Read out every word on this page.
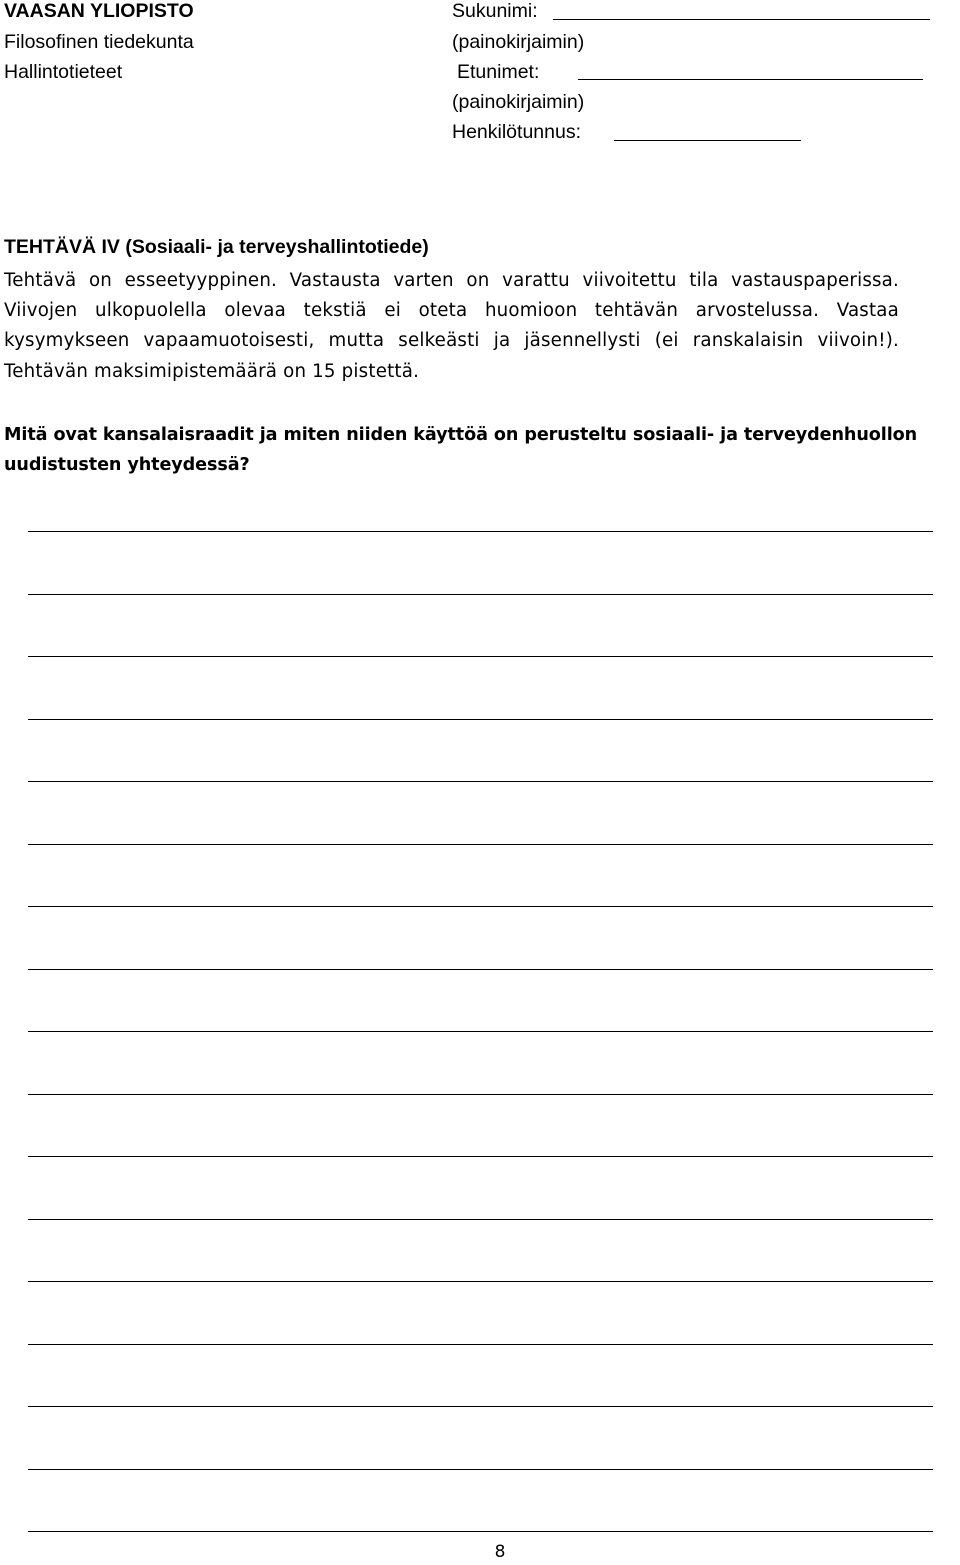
VAASAN YLIOPISTO
Filosofinen tiedekunta
Hallintotieteet
Sukunimi:
(painokirjaimin)
Etunimet:
(painokirjaimin)
Henkilötunnus:
TEHTÄVÄ IV (Sosiaali- ja terveyshallintotiede)
Tehtävä on esseetyyppinen. Vastausta varten on varattu viivoitettu tila vastauspaperissa. Viivojen ulkopuolella olevaa tekstiä ei oteta huomioon tehtävän arvostelussa. Vastaa kysymykseen vapaamuotoisesti, mutta selkeästi ja jäsennellysti (ei ranskalaisin viivoin!). Tehtävän maksimipistemäärä on 15 pistettä.
Mitä ovat kansalaisraadit ja miten niiden käyttöä on perusteltu sosiaali- ja terveydenhuollon uudistusten yhteydessä?
8
